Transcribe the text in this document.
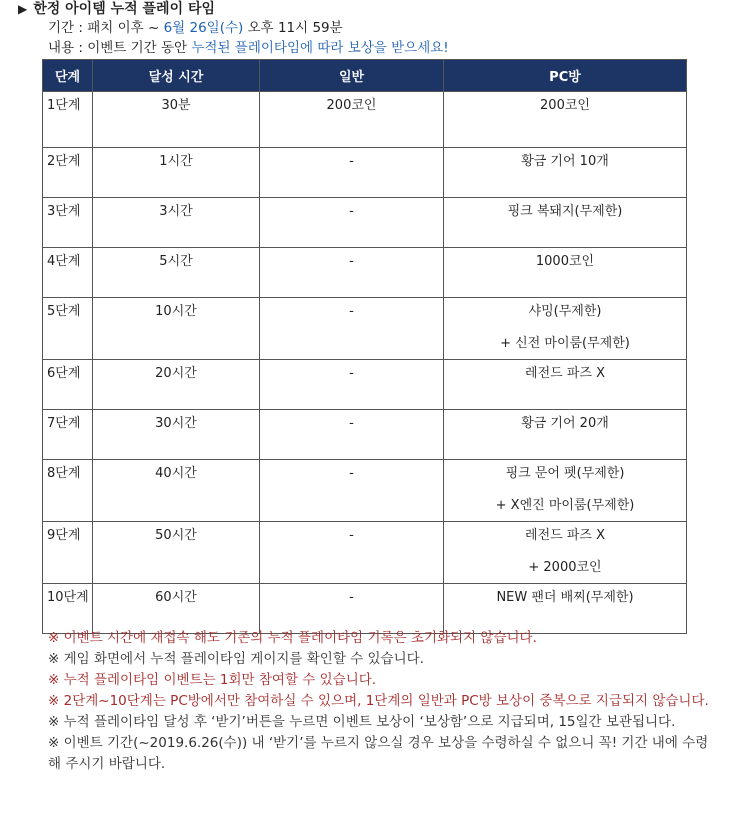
▶ 한정 아이템 누적 플레이 타임
기간 : 패치 이후 ~ 6월 26일(수) 오후 11시 59분
내용 : 이벤트 기간 동안 누적된 플레이타임에 따라 보상을 받으세요!
단계	달성 시간	일반	PC방
1단계	30분	200코인	200코인

2단계	1시간	-	황금 기어 10개

3단계	3시간	-	핑크 복돼지(무제한)

4단계	5시간	-	1000코인

5단계	10시간	-	샤밍(무제한)
+ 신전 마이룸(무제한)

6단계	20시간	-	레전드 파즈 X

7단계	30시간	-	황금 기어 20개

8단계	40시간	-	핑크 문어 펫(무제한)
+ X엔진 마이룸(무제한)

9단계	50시간	-	레전드 파즈 X
+ 2000코인

10단계	60시간	-	NEW 팬더 배찌(무제한)

※ 이벤트 시간에 재접속 해도 기존의 누적 플레이타임 기록은 초기화되지 않습니다.

※ 게임 화면에서 누적 플레이타임 게이지를 확인할 수 있습니다.

※ 누적 플레이타임 이벤트는 1회만 참여할 수 있습니다.

※ 2단계~10단계는 PC방에서만 참여하실 수 있으며, 1단계의 일반과 PC방 보상이 중복으로 지급되지 않습니다.

※ 누적 플레이타임 달성 후 ‘받기’버튼을 누르면 이벤트 보상이 ‘보상함’으로 지급되며, 15일간 보관됩니다.

※ 이벤트 기간(~2019.6.26(수)) 내 ‘받기’를 누르지 않으실 경우 보상을 수령하실 수 없으니 꼭! 기간 내에 수령해 주시기 바랍니다.
